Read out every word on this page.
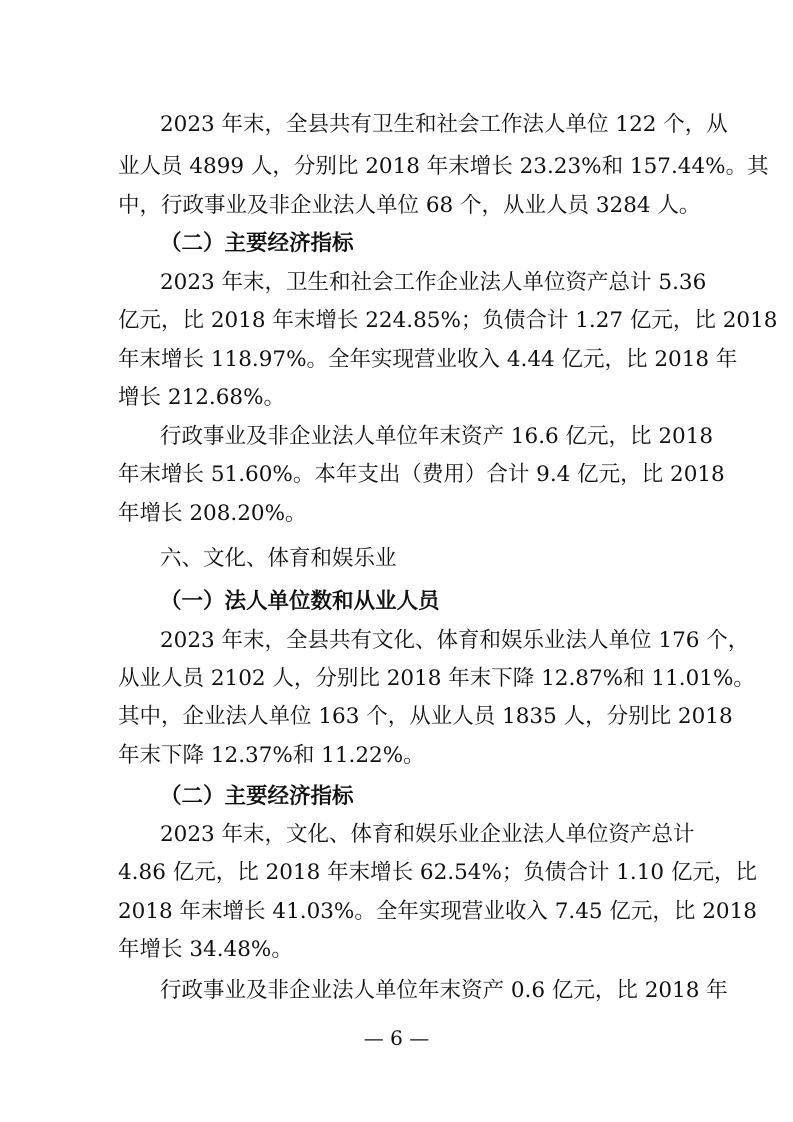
2023 年末，全县共有卫生和社会工作法人单位 122 个，从
业人员 4899 人，分别比 2018 年末增长 23.23%和 157.44%。其
中，行政事业及非企业法人单位 68 个，从业人员 3284 人。
（二）主要经济指标
2023 年末，卫生和社会工作企业法人单位资产总计 5.36
亿元，比 2018 年末增长 224.85%；负债合计 1.27 亿元，比 2018
年末增长 118.97%。全年实现营业收入 4.44 亿元，比 2018 年
增长 212.68%。
行政事业及非企业法人单位年末资产 16.6 亿元，比 2018
年末增长 51.60%。本年支出（费用）合计 9.4 亿元，比 2018
年增长 208.20%。
六、文化、体育和娱乐业
（一）法人单位数和从业人员
2023 年末，全县共有文化、体育和娱乐业法人单位 176 个，
从业人员 2102 人，分别比 2018 年末下降 12.87%和 11.01%。
其中，企业法人单位 163 个，从业人员 1835 人，分别比 2018
年末下降 12.37%和 11.22%。
（二）主要经济指标
2023 年末，文化、体育和娱乐业企业法人单位资产总计
4.86 亿元，比 2018 年末增长 62.54%；负债合计 1.10 亿元，比
2018 年末增长 41.03%。全年实现营业收入 7.45 亿元，比 2018
年增长 34.48%。
行政事业及非企业法人单位年末资产 0.6 亿元，比 2018 年
— 6 —
